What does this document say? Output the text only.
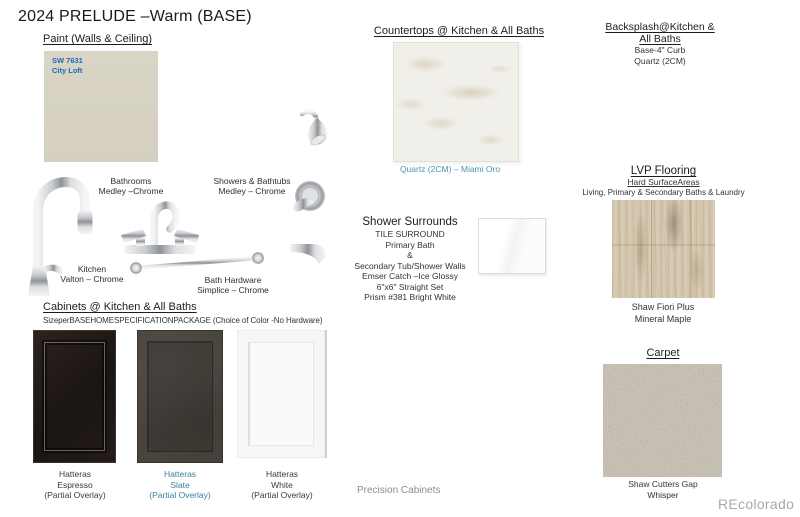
2024 PRELUDE –Warm (BASE)
Paint (Walls & Ceiling)
SW 7631
City Loft
Bathrooms
Medley –Chrome
Showers & Bathtubs
Medley – Chrome
Kitchen
Valton – Chrome	Bath Hardware
Simplice – Chrome
Cabinets @ Kitchen & All Baths
SizeperBASEHOMESPECIFICATIONPACKAGE (Choice of Color -No Hardware)
Hatteras
Espresso
(Partial Overlay)
Hatteras
Slate
(Partial Overlay)
Hatteras
White
(Partial Overlay)
Countertops @ Kitchen & All Baths
Quartz (2CM) – Miami Oro
Backsplash@Kitchen &
All Baths
Base-4" Curb
Quartz (2CM)
Shower Surrounds
TILE SURROUND
Primary Bath
&
Secondary Tub/Shower Walls
Emser Catch –Ice Glossy
6"x6" Straight Set
Prism #381 Bright White
LVP Flooring
Hard SurfaceAreas
Living, Primary & Secondary Baths & Laundry
Shaw Fiori Plus
Mineral Maple
Carpet
Shaw Cutters Gap
Whisper
Precision Cabinets
REcolorado
